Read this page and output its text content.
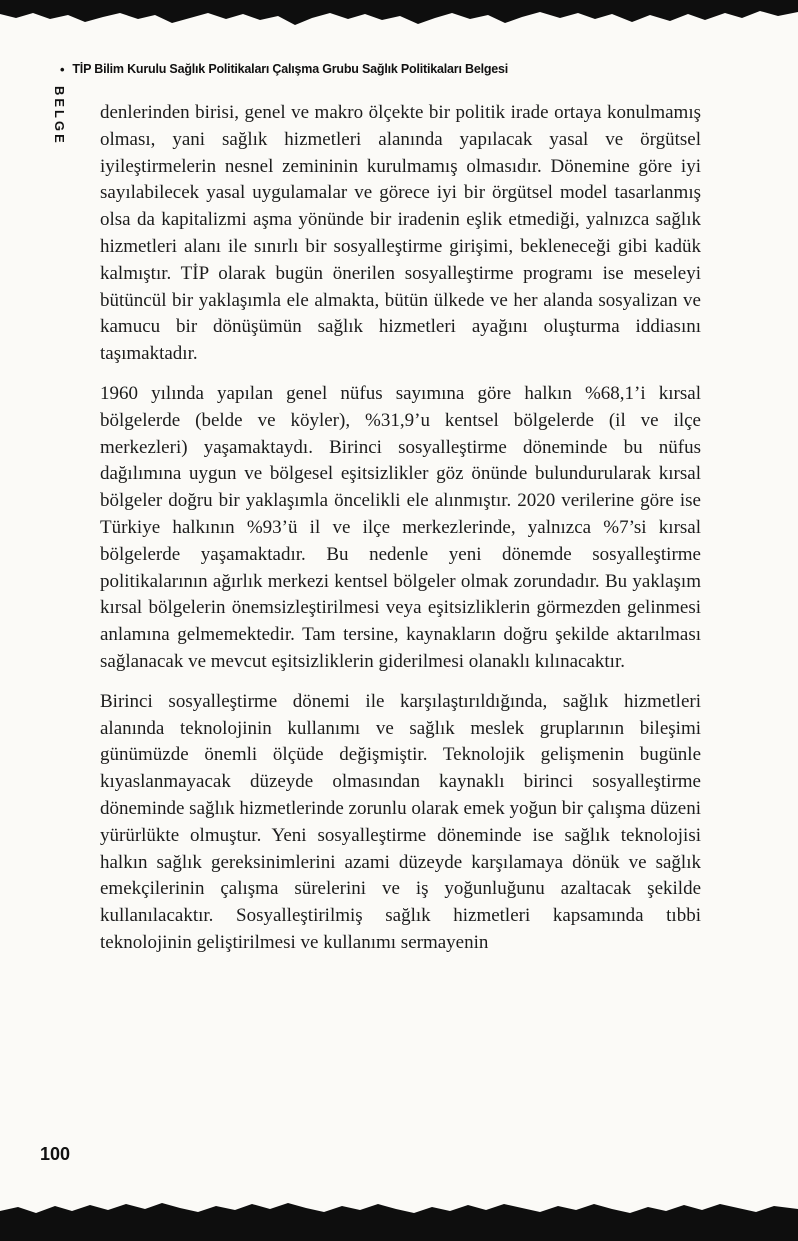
• TİP Bilim Kurulu Sağlık Politikaları Çalışma Grubu Sağlık Politikaları Belgesi
BELGE denlerinden birisi, genel ve makro ölçekte bir politik irade ortaya konulmamış olması, yani sağlık hizmetleri alanında yapılacak yasal ve örgütsel iyileştirmelerin nesnel zemininin kurulmamış olmasıdır. Dönemine göre iyi sayılabilecek yasal uygulamalar ve görece iyi bir örgütsel model tasarlanmış olsa da kapitalizmi aşma yönünde bir iradenin eşlik etmediği, yalnızca sağlık hizmetleri alanı ile sınırlı bir sosyalleştirme girişimi, bekleneceği gibi kadük kalmıştır. TİP olarak bugün önerilen sosyalleştirme programı ise meseleyi bütüncül bir yaklaşımla ele almakta, bütün ülkede ve her alanda sosyalizan ve kamucu bir dönüşümün sağlık hizmetleri ayağını oluşturma iddiasını taşımaktadır.

1960 yılında yapılan genel nüfus sayımına göre halkın %68,1’i kırsal bölgelerde (belde ve köyler), %31,9’u kentsel bölgelerde (il ve ilçe merkezleri) yaşamaktaydı. Birinci sosyalleştirme döneminde bu nüfus dağılımına uygun ve bölgesel eşitsizlikler göz önünde bulundurularak kırsal bölgeler doğru bir yaklaşımla öncelikli ele alınmıştır. 2020 verilerine göre ise Türkiye halkının %93’ü il ve ilçe merkezlerinde, yalnızca %7’si kırsal bölgelerde yaşamaktadır. Bu nedenle yeni dönemde sosyalleştirme politikalarının ağırlık merkezi kentsel bölgeler olmak zorundadır. Bu yaklaşım kırsal bölgelerin önemsizleştirilmesi veya eşitsizliklerin görmezden gelinmesi anlamına gelmemektedir. Tam tersine, kaynakların doğru şekilde aktarılması sağlanacak ve mevcut eşitsizliklerin giderilmesi olanaklı kılınacaktır.

Birinci sosyalleştirme dönemi ile karşılaştırıldığında, sağlık hizmetleri alanında teknolojinin kullanımı ve sağlık meslek gruplarının bileşimi günümüzde önemli ölçüde değişmiştir. Teknolojik gelişmenin bugünle kıyaslanmayacak düzeyde olmasından kaynaklı birinci sosyalleştirme döneminde sağlık hizmetlerinde zorunlu olarak emek yoğun bir çalışma düzeni yürürlükte olmuştur. Yeni sosyalleştirme döneminde ise sağlık teknolojisi halkın sağlık gereksinimlerini azami düzeyde karşılamaya dönük ve sağlık emekçilerinin çalışma sürelerini ve iş yoğunluğunu azaltacak şekilde kullanılacaktır. Sosyalleştirilmiş sağlık hizmetleri kapsamında tıbbi teknolojinin geliştirilmesi ve kullanımı sermayenin

100
